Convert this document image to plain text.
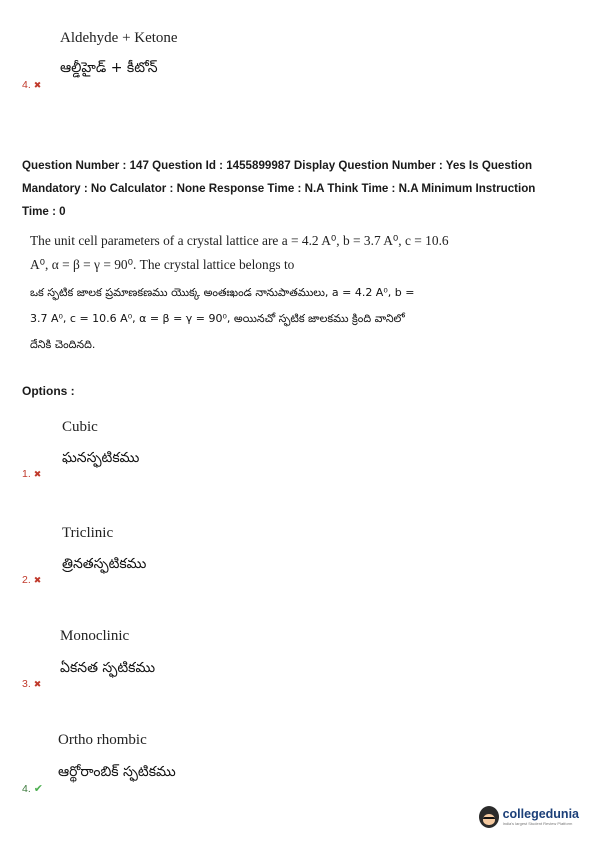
Aldehyde + Ketone
ఆల్డీహైడ్ + కీటోన్
4. ✖
Question Number : 147 Question Id : 1455899987 Display Question Number : Yes Is Question
Mandatory : No Calculator : None Response Time : N.A Think Time : N.A Minimum Instruction
Time : 0
The unit cell parameters of a crystal lattice are a = 4.2 A⁰, b = 3.7 A⁰, c = 10.6
A⁰, α = β = γ = 90⁰. The crystal lattice belongs to
ఒక స్ఫటిక జాలక ప్రమాణకణము యొక్క అంతఃఖండ నానుపాతములు, a = 4.2 A⁰, b =
3.7 A⁰, c = 10.6 A⁰, α = β = γ = 90⁰, అయినచో స్ఫటిక జాలకము క్రింది వానిలో
దేనికి చెందినది.
Options :
Cubic
ఘనస్ఫటికము
1. ✖
Triclinic
త్రినతస్ఫటికము
2. ✖
Monoclinic
ఏకనత స్ఫటికము
3. ✖
Ortho rhombic
ఆర్థోరాంబిక్ స్ఫటికము
4. ✔
collegedunia
India's largest Student Review Platform
